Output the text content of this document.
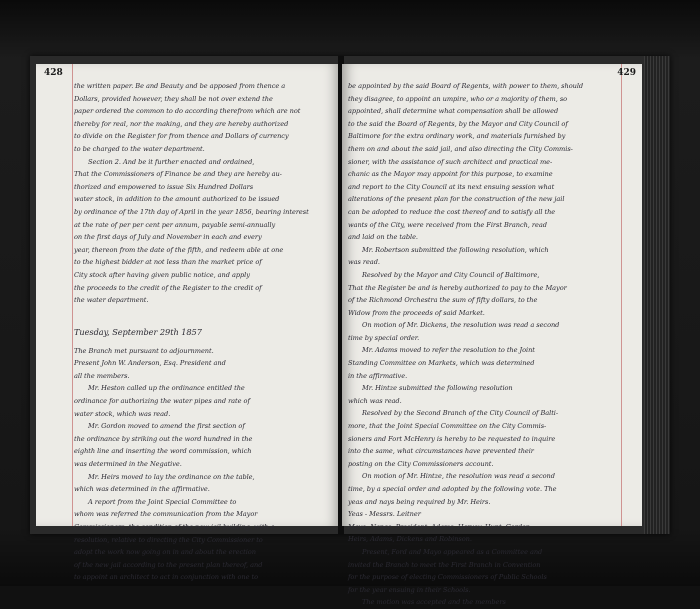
428

the written paper. Be and Beauty and be apposed from thence a

Dollars, provided however, they shall be not over extend the

paper ordered the common to do according therefrom which are not

thereby for real, nor the making, and they are hereby authorized

to divide on the Register for from thence and Dollars of currency

to be charged to the water department.

Section 2. And be it further enacted and ordained,

That the Commissioners of Finance be and they are hereby au-

thorized and empowered to issue Six Hundred Dollars

water stock, in addition to the amount authorized to be issued

by ordinance of the 17th day of April in the year 1856, bearing interest

at the rate of per per cent per annum, payable semi-annually

on the first days of July and November in each and every

year, thereon from the date of the fifth, and redeem able at one

to the highest bidder at not less than the market price of

City stock after having given public notice, and apply

the proceeds to the credit of the Register to the credit of

the water department.

Tuesday, September 29th 1857

The Branch met pursuant to adjournment.

Present John W. Anderson, Esq. President and

all the members.

Mr. Heston called up the ordinance entitled the

ordinance for authorizing the water pipes and rate of

water stock, which was read.

Mr. Gordon moved to amend the first section of

the ordinance by striking out the word hundred in the

eighth line and inserting the word commission, which

was determined in the Negative.

Mr. Heirs moved to lay the ordinance on the table,

which was determined in the affirmative.

A report from the Joint Special Committee to

whom was referred the communication from the Mayor

Commissioners, the condition of the new jail building, with a

resolution, relative to directing the City Commissioner to

adopt the work now going on in and about the erection

of the new jail according to the present plan thereof, and

to appoint an architect to act in conjunction with one to

429

be appointed by the said Board of Regents, with power to them, should

they disagree, to appoint an umpire, who or a majority of them, so

appointed, shall determine what compensation shall be allowed

to the said the Board of Regents, by the Mayor and City Council of

Baltimore for the extra ordinary work, and materials furnished by

them on and about the said jail, and also directing the City Commis-

sioner, with the assistance of such architect and practical me-

chanic as the Mayor may appoint for this purpose, to examine

and report to the City Council at its next ensuing session what

alterations of the present plan for the construction of the new jail

can be adopted to reduce the cost thereof and to satisfy all the

wants of the City, were received from the First Branch, read

and laid on the table.

Mr. Robertson submitted the following resolution, which

was read.

Resolved by the Mayor and City Council of Baltimore,

That the Register be and is hereby authorized to pay to the Mayor

of the Richmond Orchestra the sum of fifty dollars, to the

Widow from the proceeds of said Market.

On motion of Mr. Dickens, the resolution was read a second

time by special order.

Mr. Adams moved to refer the resolution to the Joint

Standing Committee on Markets, which was determined

in the affirmative.

Mr. Hintze submitted the following resolution

which was read.

Resolved by the Second Branch of the City Council of Balti-

more, that the Joint Special Committee on the City Commis-

sioners and Fort McHenry is hereby to be requested to inquire

into the same, what circumstances have prevented their

posting on the City Commissioners account.

On motion of Mr. Hintze, the resolution was read a second

time, by a special order and adopted by the following vote. The

yeas and nays being required by Mr. Heirs.

Yeas - Messrs. Leitner

Mayo, Nance, President, Adams, Harvey, Hunt, Gordon

Heirs, Adams, Dickens and Robinson.

Present, Ford and Mayo appeared as a Committee and

invited the Branch to meet the First Branch in Convention

for the purpose of electing Commissioners of Public Schools

for the year ensuing in their Schools.

The motion was accepted and the members
